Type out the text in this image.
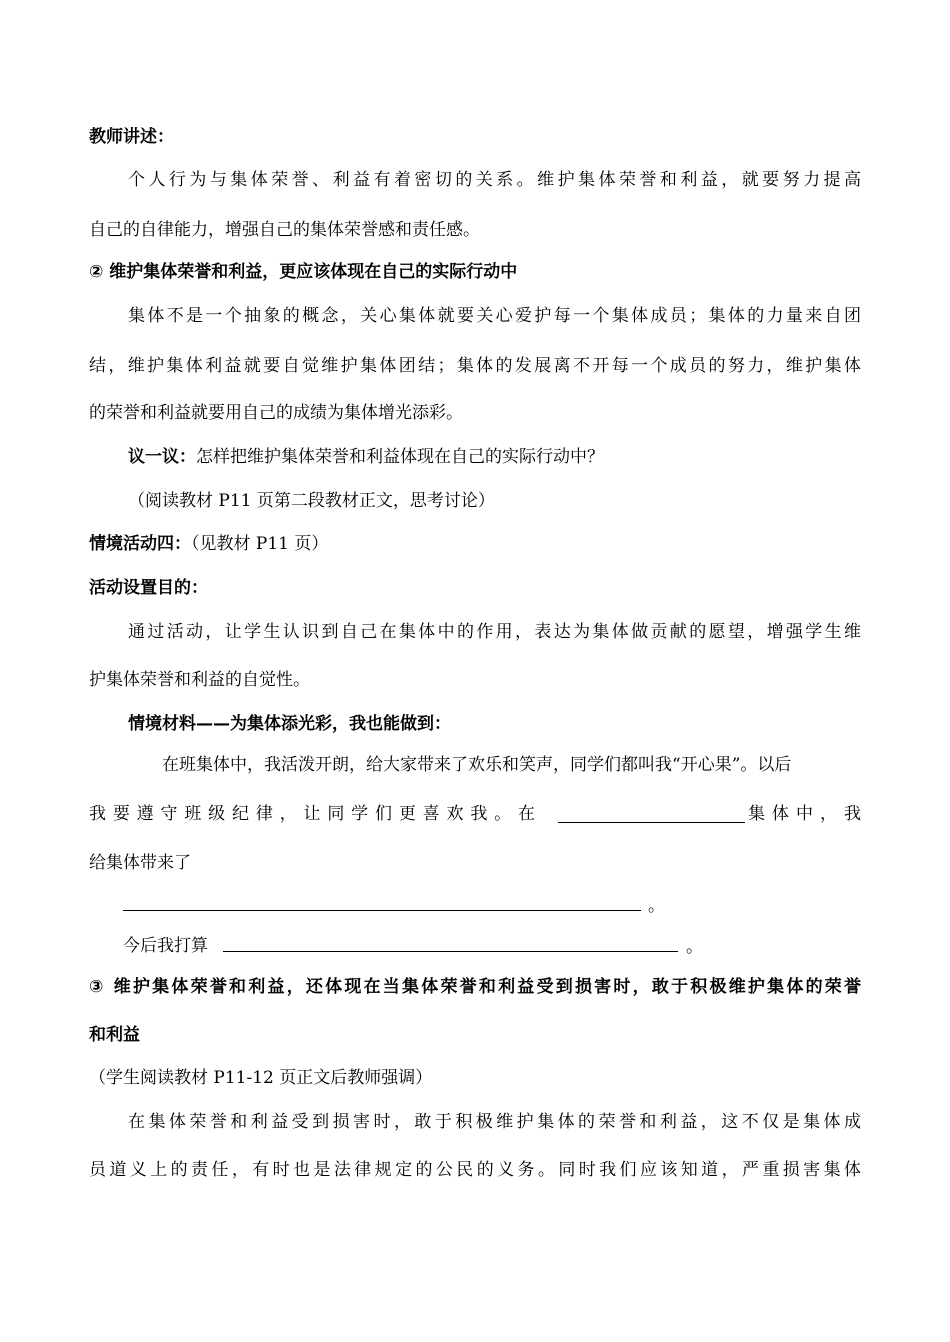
教师讲述：
个人行为与集体荣誉、利益有着密切的关系。维护集体荣誉和利益，就要努力提高
自己的自律能力，增强自己的集体荣誉感和责任感。
② 维护集体荣誉和利益，更应该体现在自己的实际行动中
集体不是一个抽象的概念，关心集体就要关心爱护每一个集体成员；集体的力量来自团
结，维护集体利益就要自觉维护集体团结；集体的发展离不开每一个成员的努力，维护集体
的荣誉和利益就要用自己的成绩为集体增光添彩。
议一议：怎样把维护集体荣誉和利益体现在自己的实际行动中？
（阅读教材 P11 页第二段教材正文，思考讨论）
情境活动四：（见教材 P11 页）
活动设置目的：
通过活动，让学生认识到自己在集体中的作用，表达为集体做贡献的愿望，增强学生维
护集体荣誉和利益的自觉性。
情境材料——为集体添光彩，我也能做到：
在班集体中，我活泼开朗，给大家带来了欢乐和笑声，同学们都叫我“开心果”。以后
我要遵守班级纪律，让同学们更喜欢我。在	集体中，我
给集体带来了
。
今后我打算	。
③ 维护集体荣誉和利益，还体现在当集体荣誉和利益受到损害时，敢于积极维护集体的荣誉
和利益
（学生阅读教材 P11-12 页正文后教师强调）
在集体荣誉和利益受到损害时，敢于积极维护集体的荣誉和利益，这不仅是集体成
员道义上的责任，有时也是法律规定的公民的义务。同时我们应该知道，严重损害集体
